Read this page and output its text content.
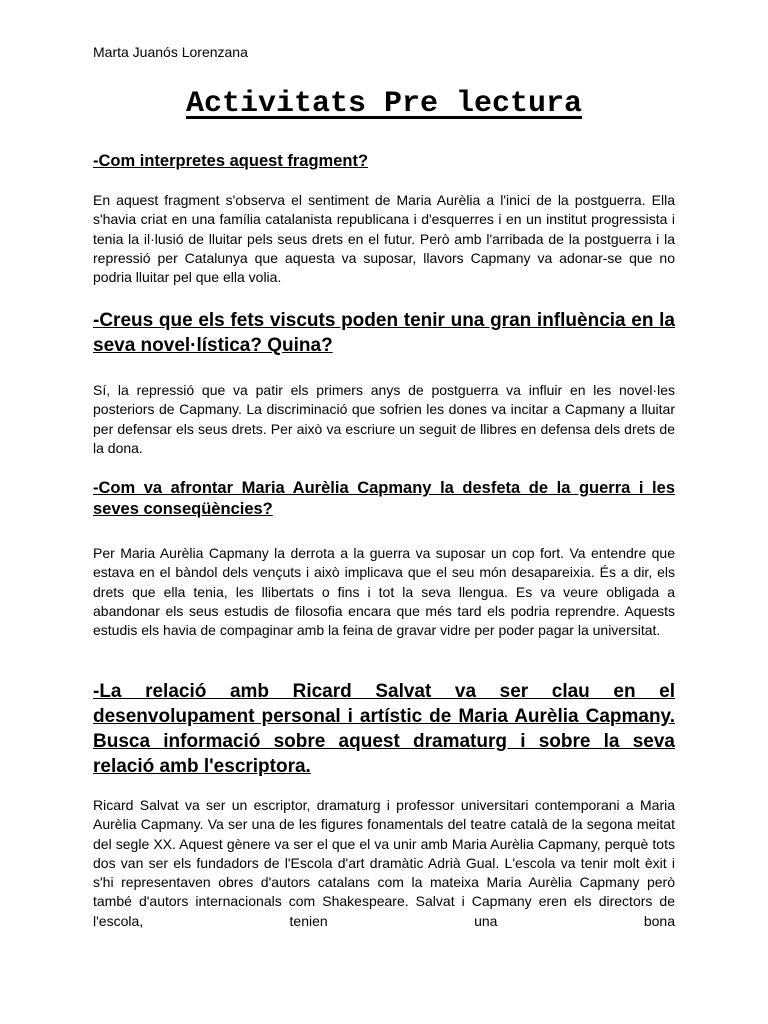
Marta Juanós Lorenzana
Activitats Pre lectura

-Com interpretes aquest fragment?

En aquest fragment s'observa el sentiment de Maria Aurèlia a l'inici de la postguerra. Ella s'havia criat en una família catalanista republicana i d'esquerres i en un institut progressista i tenia la il·lusió de lluitar pels seus drets en el futur. Però amb l'arribada de la postguerra i la repressió per Catalunya que aquesta va suposar, llavors Capmany va adonar-se que no podria lluitar pel que ella volia.

-Creus que els fets viscuts poden tenir una gran influència en la seva novel·lística? Quina?

Sí, la repressió que va patir els primers anys de postguerra va influir en les novel·les posteriors de Capmany. La discriminació que sofrien les dones va incitar a Capmany a lluitar per defensar els seus drets. Per això va escriure un seguit de llibres en defensa dels drets de la dona.

-Com va afrontar Maria Aurèlia Capmany la desfeta de la guerra i les seves conseqüències?

Per Maria Aurèlia Capmany la derrota a la guerra va suposar un cop fort. Va entendre que estava en el bàndol dels vençuts i això implicava que el seu món desapareixia. És a dir, els drets que ella tenia, les llibertats o fins i tot la seva llengua. Es va veure obligada a abandonar els seus estudis de filosofia encara que més tard els podria reprendre. Aquests estudis els havia de compaginar amb la feina de gravar vidre per poder pagar la universitat.

-La relació amb Ricard Salvat va ser clau en el desenvolupament personal i artístic de Maria Aurèlia Capmany. Busca informació sobre aquest dramaturg i sobre la seva relació amb l'escriptora.

Ricard Salvat va ser un escriptor, dramaturg i professor universitari contemporani a Maria Aurèlia Capmany. Va ser una de les figures fonamentals del teatre català de la segona meitat del segle XX. Aquest gènere va ser el que el va unir amb Maria Aurèlia Capmany, perquè tots dos van ser els fundadors de l'Escola d'art dramàtic Adrià Gual. L'escola va tenir molt èxit i s'hi representaven obres d'autors catalans com la mateixa Maria Aurèlia Capmany però també d'autors internacionals com Shakespeare. Salvat i Capmany eren els directors de l'escola, tenien una bona
